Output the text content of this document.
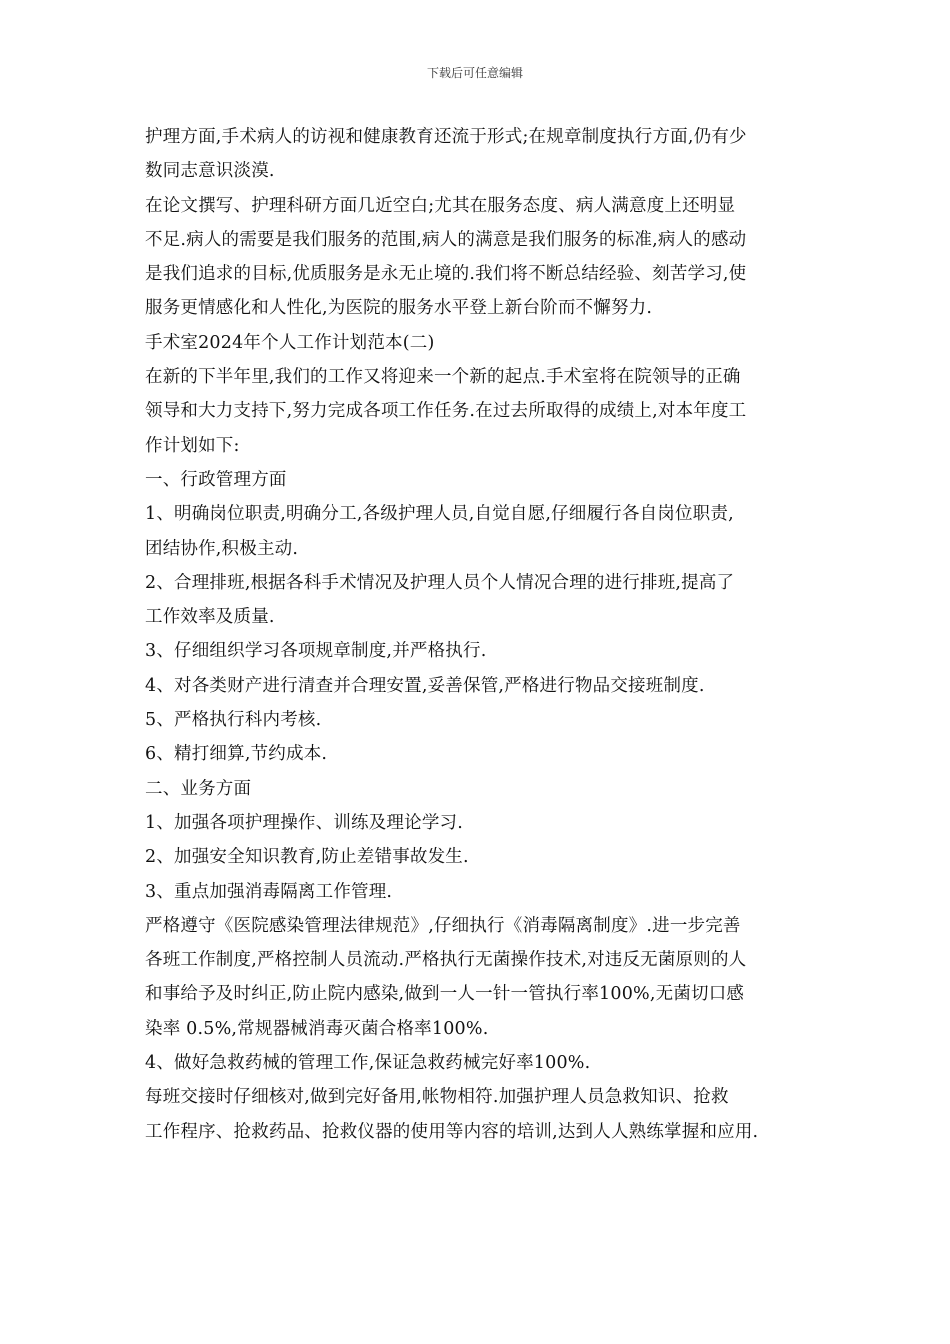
下载后可任意编辑
护理方面,手术病人的访视和健康教育还流于形式;在规章制度执行方面,仍有少
数同志意识淡漠.
在论文撰写、护理科研方面几近空白;尤其在服务态度、病人满意度上还明显
不足.病人的需要是我们服务的范围,病人的满意是我们服务的标准,病人的感动
是我们追求的目标,优质服务是永无止境的.我们将不断总结经验、刻苦学习,使
服务更情感化和人性化,为医院的服务水平登上新台阶而不懈努力.
手术室2024年个人工作计划范本(二)
在新的下半年里,我们的工作又将迎来一个新的起点.手术室将在院领导的正确
领导和大力支持下,努力完成各项工作任务.在过去所取得的成绩上,对本年度工
作计划如下:
一、行政管理方面
1、明确岗位职责,明确分工,各级护理人员,自觉自愿,仔细履行各自岗位职责,
团结协作,积极主动.
2、合理排班,根据各科手术情况及护理人员个人情况合理的进行排班,提高了
工作效率及质量.
3、仔细组织学习各项规章制度,并严格执行.
4、对各类财产进行清查并合理安置,妥善保管,严格进行物品交接班制度.
5、严格执行科内考核.
6、精打细算,节约成本.
二、业务方面
1、加强各项护理操作、训练及理论学习.
2、加强安全知识教育,防止差错事故发生.
3、重点加强消毒隔离工作管理.
严格遵守《医院感染管理法律规范》,仔细执行《消毒隔离制度》.进一步完善
各班工作制度,严格控制人员流动.严格执行无菌操作技术,对违反无菌原则的人
和事给予及时纠正,防止院内感染,做到一人一针一管执行率100%,无菌切口感
染率 0.5%,常规器械消毒灭菌合格率100%.
4、做好急救药械的管理工作,保证急救药械完好率100%.
每班交接时仔细核对,做到完好备用,帐物相符.加强护理人员急救知识、抢救
工作程序、抢救药品、抢救仪器的使用等内容的培训,达到人人熟练掌握和应用.
